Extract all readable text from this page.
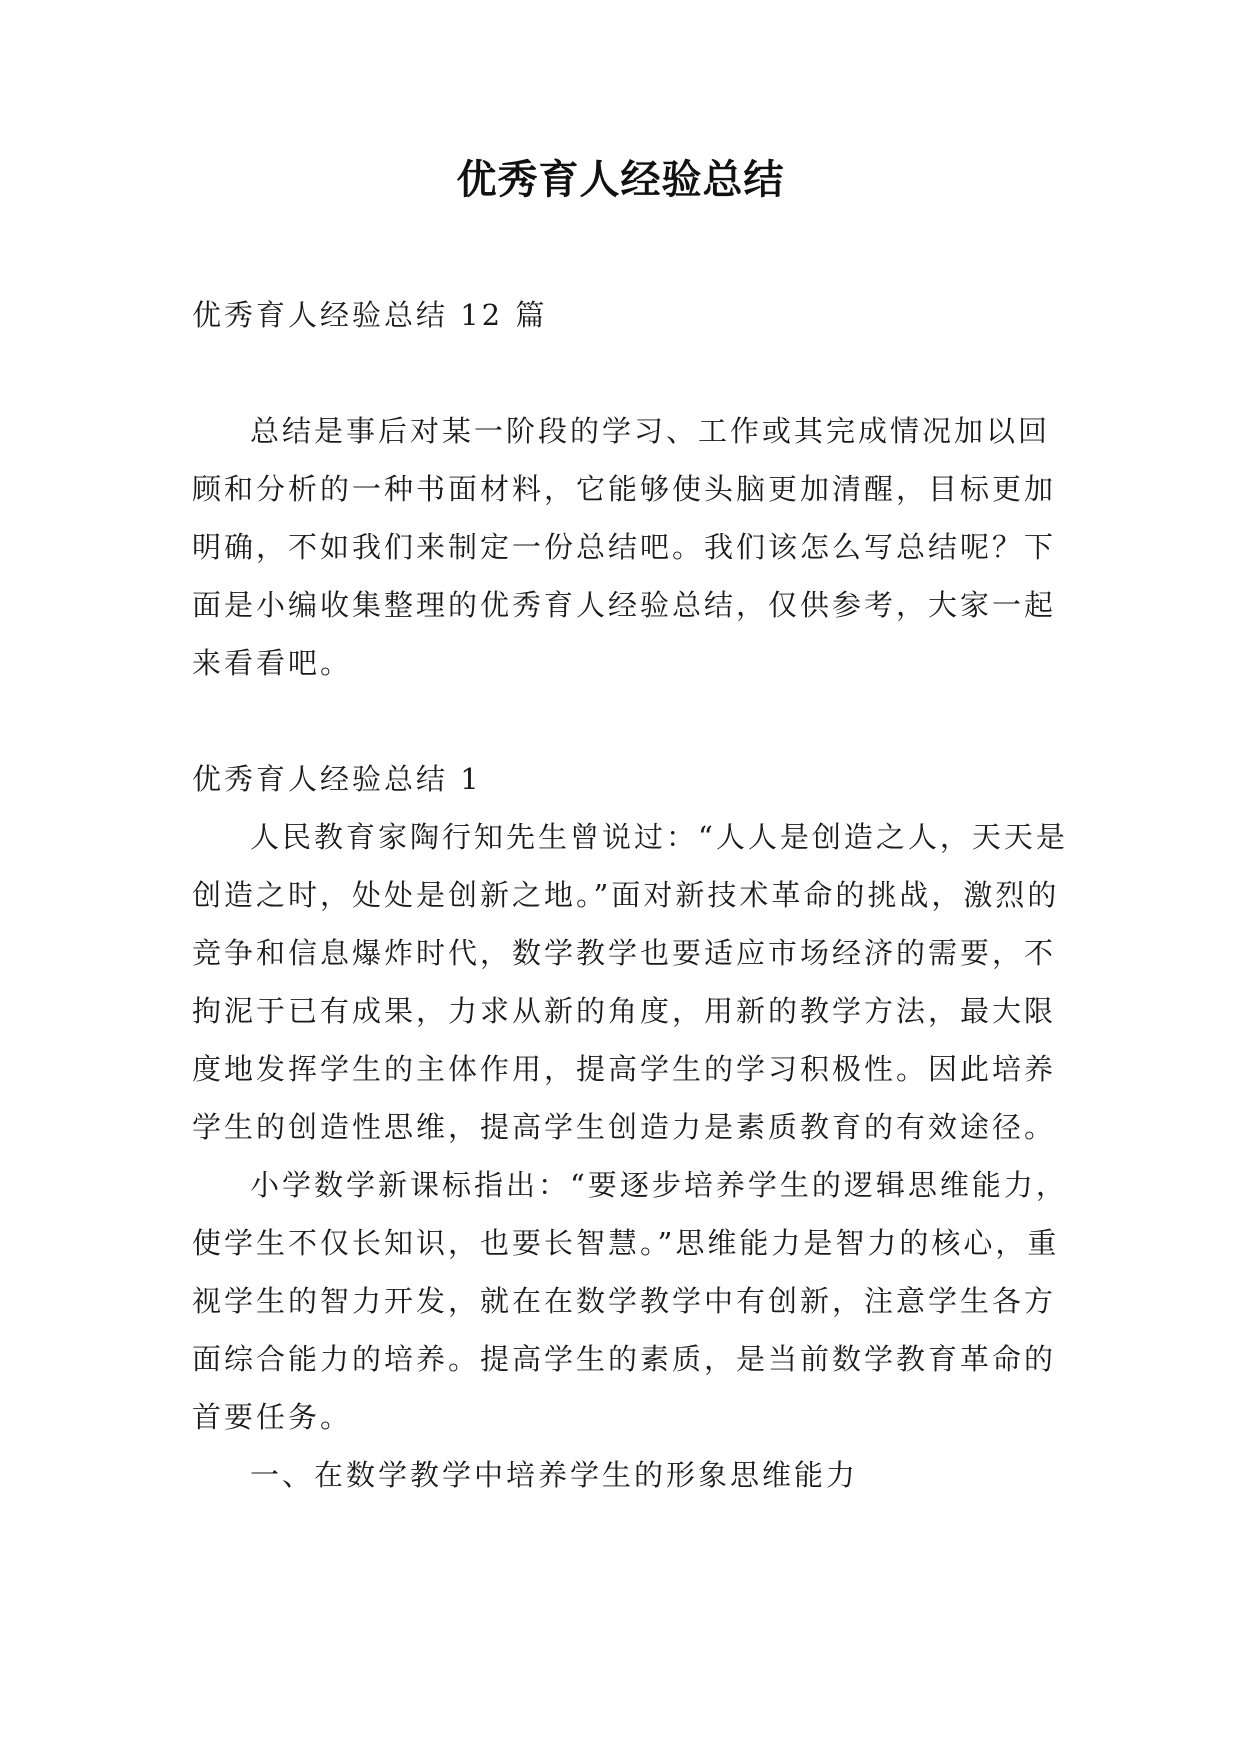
优秀育人经验总结

优秀育人经验总结 12 篇

总结是事后对某一阶段的学习、工作或其完成情况加以回顾和分析的一种书面材料，它能够使头脑更加清醒，目标更加明确，不如我们来制定一份总结吧。我们该怎么写总结呢？下面是小编收集整理的优秀育人经验总结，仅供参考，大家一起来看看吧。

优秀育人经验总结 1

人民教育家陶行知先生曾说过：“人人是创造之人，天天是创造之时，处处是创新之地。”面对新技术革命的挑战，激烈的竞争和信息爆炸时代，数学教学也要适应市场经济的需要，不拘泥于已有成果，力求从新的角度，用新的教学方法，最大限度地发挥学生的主体作用，提高学生的学习积极性。因此培养学生的创造性思维，提高学生创造力是素质教育的有效途径。

小学数学新课标指出：“要逐步培养学生的逻辑思维能力，使学生不仅长知识，也要长智慧。”思维能力是智力的核心，重视学生的智力开发，就在在数学教学中有创新，注意学生各方面综合能力的培养。提高学生的素质，是当前数学教育革命的首要任务。

一、在数学教学中培养学生的形象思维能力
